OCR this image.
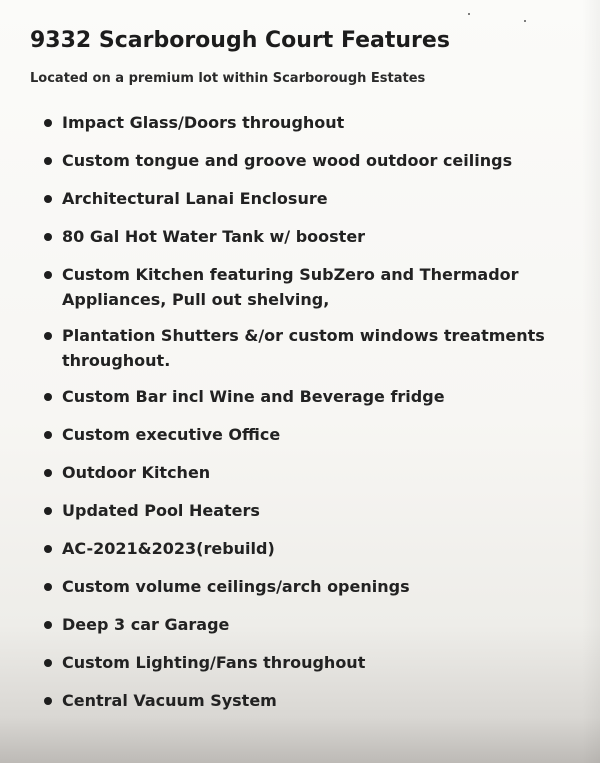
9332 Scarborough Court Features

Located on a premium lot within Scarborough Estates

Impact Glass/Doors throughout
Custom tongue and groove wood outdoor ceilings
Architectural Lanai Enclosure
80 Gal Hot Water Tank w/ booster
Custom Kitchen featuring SubZero and Thermador Appliances, Pull out shelving,
Plantation Shutters &/or custom windows treatments throughout.
Custom Bar incl Wine and Beverage fridge
Custom executive Office
Outdoor Kitchen
Updated Pool Heaters
AC-2021&2023(rebuild)
Custom volume ceilings/arch openings
Deep 3 car Garage
Custom Lighting/Fans throughout
Central Vacuum System
